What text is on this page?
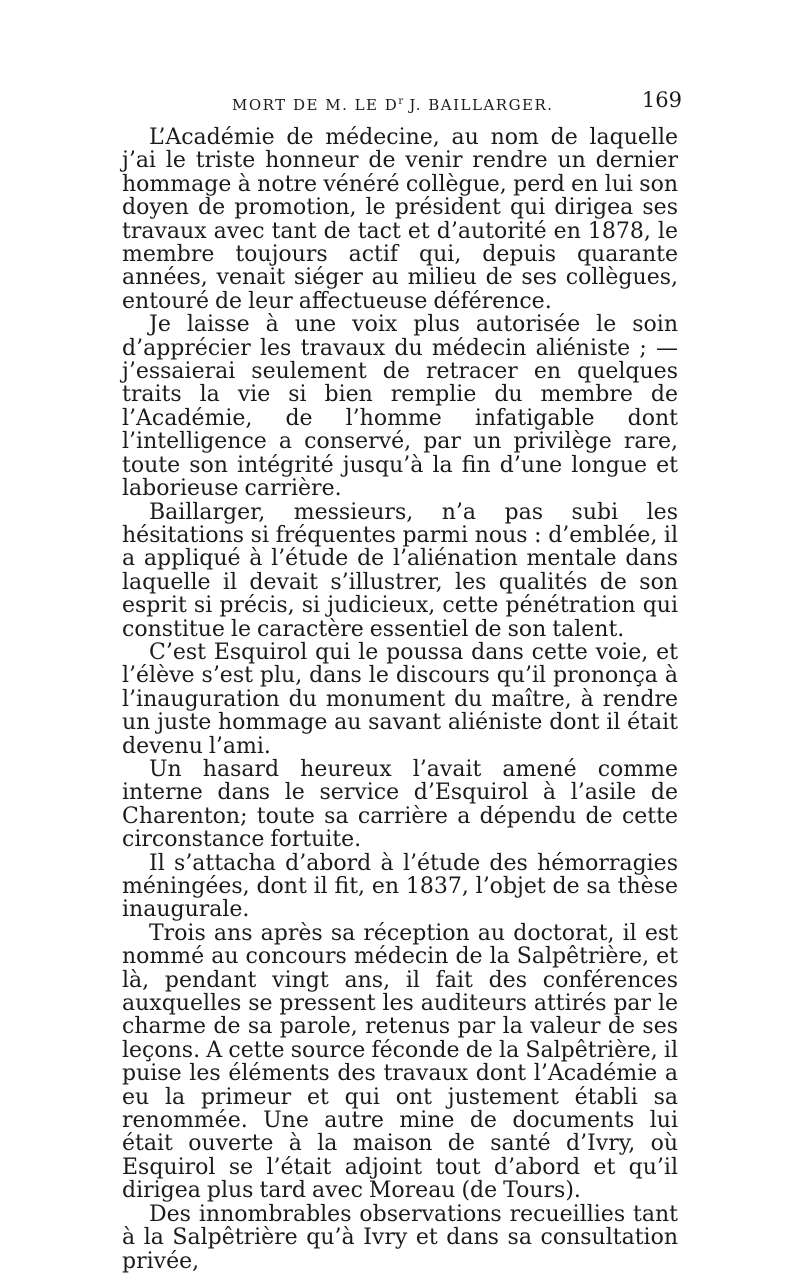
MORT DE M. LE $D^r$ J. BAILLARGER.	169

L’Académie de médecine, au nom de laquelle j’ai le triste honneur de venir rendre un dernier hommage à notre vénéré collègue, perd en lui son doyen de promotion, le président qui dirigea ses travaux avec tant de tact et d’autorité en 1878, le membre toujours actif qui, depuis quarante années, venait siéger au milieu de ses collègues, entouré de leur affectueuse déférence.

Je laisse à une voix plus autorisée le soin d’apprécier les travaux du médecin aliéniste ; — j’essaierai seulement de retracer en quelques traits la vie si bien remplie du membre de l’Académie, de l’homme infatigable dont l’intelligence a conservé, par un privilège rare, toute son intégrité jusqu’à la fin d’une longue et laborieuse carrière.

Baillarger, messieurs, n’a pas subi les hésitations si fréquentes parmi nous : d’emblée, il a appliqué à l’étude de l’aliénation mentale dans laquelle il devait s’illustrer, les qualités de son esprit si précis, si judicieux, cette pénétration qui constitue le caractère essentiel de son talent.

C’est Esquirol qui le poussa dans cette voie, et l’élève s’est plu, dans le discours qu’il prononça à l’inauguration du monument du maître, à rendre un juste hommage au savant aliéniste dont il était devenu l’ami.

Un hasard heureux l’avait amené comme interne dans le service d’Esquirol à l’asile de Charenton; toute sa carrière a dépendu de cette circonstance fortuite.

Il s’attacha d’abord à l’étude des hémorragies méningées, dont il fit, en 1837, l’objet de sa thèse inaugurale.

Trois ans après sa réception au doctorat, il est nommé au concours médecin de la Salpêtrière, et là, pendant vingt ans, il fait des conférences auxquelles se pressent les auditeurs attirés par le charme de sa parole, retenus par la valeur de ses leçons. A cette source féconde de la Salpêtrière, il puise les éléments des travaux dont l’Académie a eu la primeur et qui ont justement établi sa renommée. Une autre mine de documents lui était ouverte à la maison de santé d’Ivry, où Esquirol se l’était adjoint tout d’abord et qu’il dirigea plus tard avec Moreau (de Tours).

Des innombrables observations recueillies tant à la Salpêtrière qu’à Ivry et dans sa consultation privée,
